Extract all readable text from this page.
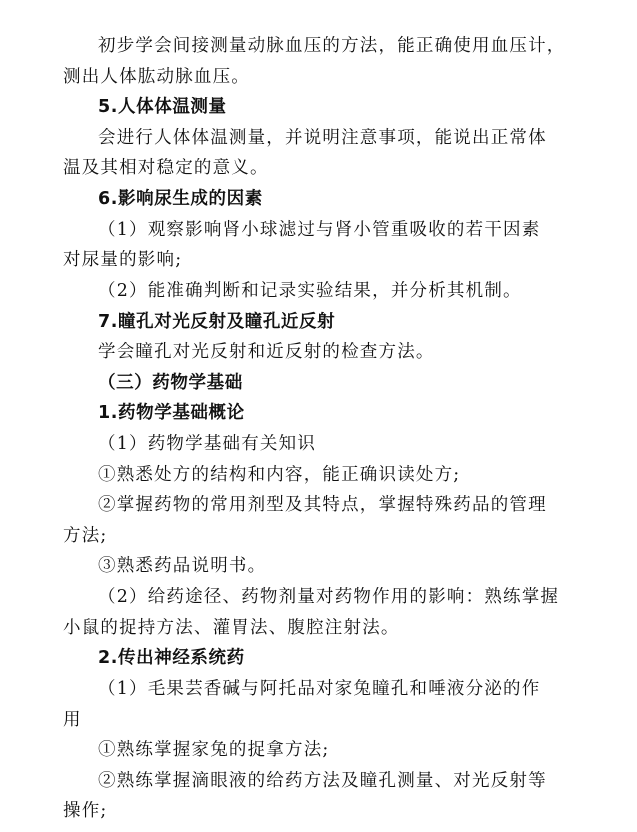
初步学会间接测量动脉血压的方法，能正确使用血压计，
测出人体肱动脉血压。
5.人体体温测量
会进行人体体温测量，并说明注意事项，能说出正常体
温及其相对稳定的意义。
6.影响尿生成的因素
（1）观察影响肾小球滤过与肾小管重吸收的若干因素
对尿量的影响;
（2）能准确判断和记录实验结果，并分析其机制。
7.瞳孔对光反射及瞳孔近反射
学会瞳孔对光反射和近反射的检查方法。
（三）药物学基础
1.药物学基础概论
（1）药物学基础有关知识
①熟悉处方的结构和内容，能正确识读处方;
②掌握药物的常用剂型及其特点，掌握特殊药品的管理
方法;
③熟悉药品说明书。
（2）给药途径、药物剂量对药物作用的影响：熟练掌握
小鼠的捉持方法、灌胃法、腹腔注射法。
2.传出神经系统药
（1）毛果芸香碱与阿托品对家兔瞳孔和唾液分泌的作
用
①熟练掌握家兔的捉拿方法;
②熟练掌握滴眼液的给药方法及瞳孔测量、对光反射等
操作;
